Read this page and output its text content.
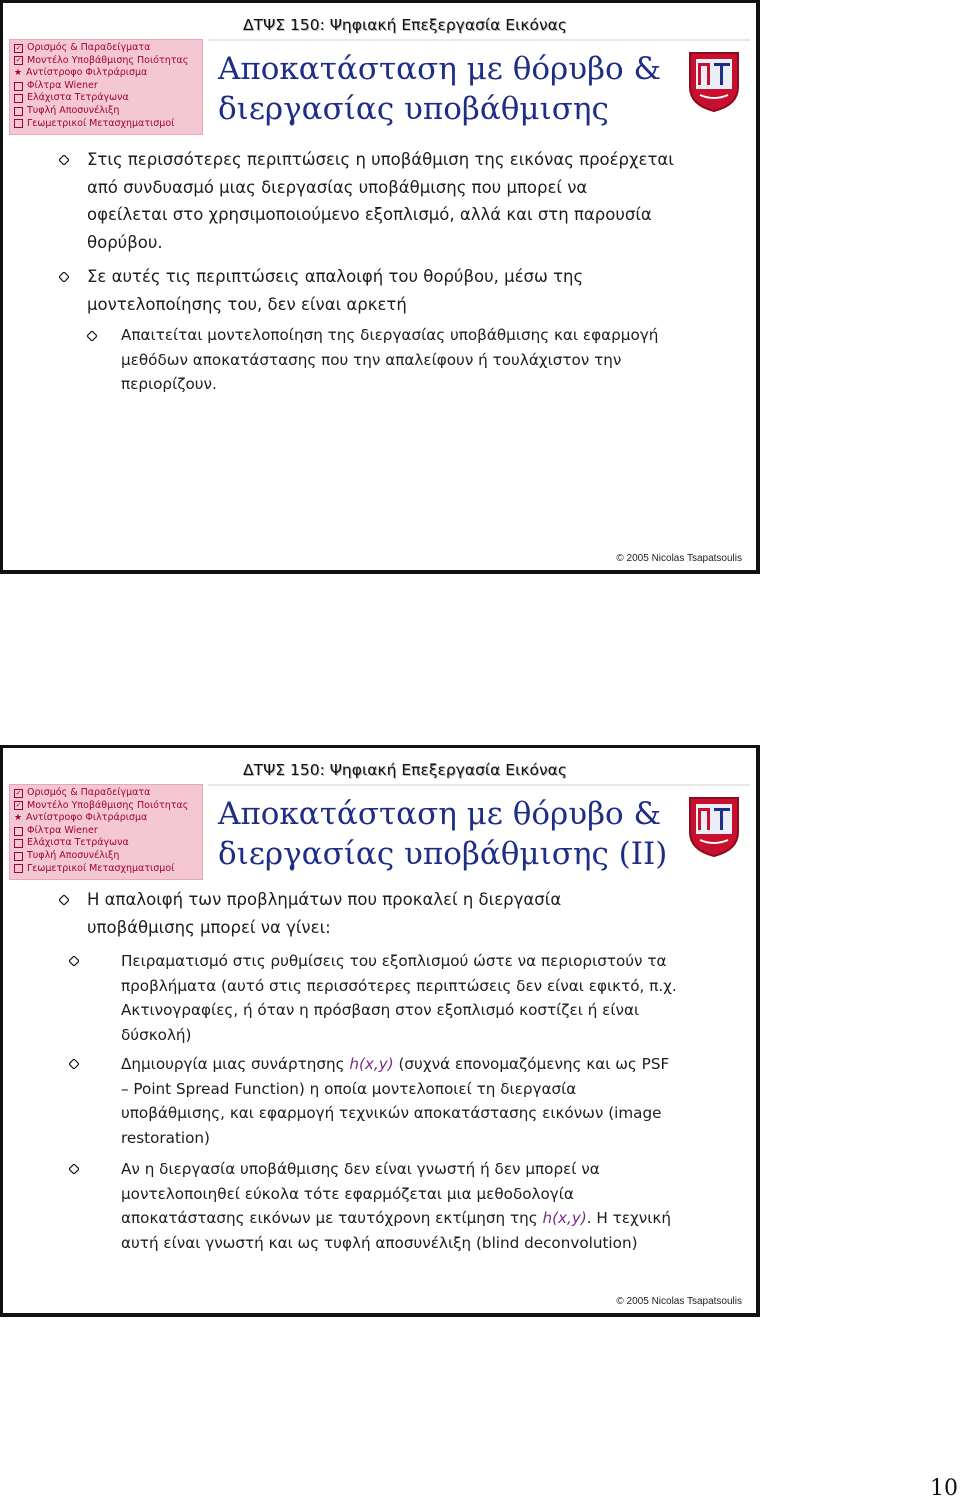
✓ Ορισμός & Παραδείγματα
✓ Μοντέλο Υποβάθμισης Ποιότητας
★ Αντίστροφο Φιλτράρισμα
Φίλτρα Wiener
Ελάχιστα Τετράγωνα
Τυφλή Αποσυνέλιξη
Γεωμετρικοί Μετασχηματισμοί
ΔΤΨΣ 150: Ψηφιακή Επεξεργασία Εικόνας
Αποκατάσταση με θόρυβο &
διεργασίας υποβάθμισης
Στις περισσότερες περιπτώσεις η υποβάθμιση της εικόνας προέρχεται
από συνδυασμό μιας διεργασίας υποβάθμισης που μπορεί να
οφείλεται στο χρησιμοποιούμενο εξοπλισμό, αλλά και στη παρουσία
θορύβου.
Σε αυτές τις περιπτώσεις απαλοιφή του θορύβου, μέσω της
μοντελοποίησης του, δεν είναι αρκετή
Απαιτείται μοντελοποίηση της διεργασίας υποβάθμισης και εφαρμογή
μεθόδων αποκατάστασης που την απαλείφουν ή τουλάχιστον την
περιορίζουν.
© 2005 Nicolas Tsapatsoulis
✓ Ορισμός & Παραδείγματα
✓ Μοντέλο Υποβάθμισης Ποιότητας
★ Αντίστροφο Φιλτράρισμα
Φίλτρα Wiener
Ελάχιστα Τετράγωνα
Τυφλή Αποσυνέλιξη
Γεωμετρικοί Μετασχηματισμοί
ΔΤΨΣ 150: Ψηφιακή Επεξεργασία Εικόνας
Αποκατάσταση με θόρυβο &
διεργασίας υποβάθμισης (ΙΙ)
Η απαλοιφή των προβλημάτων που προκαλεί η διεργασία
υποβάθμισης μπορεί να γίνει:
Πειραματισμό στις ρυθμίσεις του εξοπλισμού ώστε να περιοριστούν τα
προβλήματα (αυτό στις περισσότερες περιπτώσεις δεν είναι εφικτό, π.χ.
Ακτινογραφίες, ή όταν η πρόσβαση στον εξοπλισμό κοστίζει ή είναι
δύσκολή)
Δημιουργία μιας συνάρτησης h(x,y) (συχνά επονομαζόμενης και ως PSF
– Point Spread Function) η οποία μοντελοποιεί τη διεργασία
υποβάθμισης, και εφαρμογή τεχνικών αποκατάστασης εικόνων (image
restoration)
Αν η διεργασία υποβάθμισης δεν είναι γνωστή ή δεν μπορεί να
μοντελοποιηθεί εύκολα τότε εφαρμόζεται μια μεθοδολογία
αποκατάστασης εικόνων με ταυτόχρονη εκτίμηση της h(x,y). Η τεχνική
αυτή είναι γνωστή και ως τυφλή αποσυνέλιξη (blind deconvolution)
© 2005 Nicolas Tsapatsoulis
10
